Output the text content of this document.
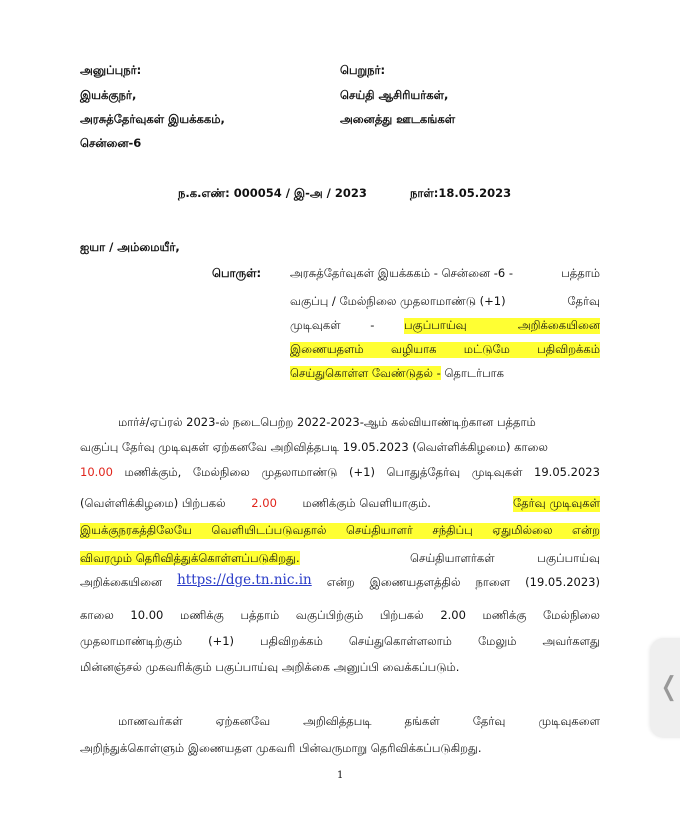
அனுப்புநர்:
இயக்குநர்,
அரசுத்தேர்வுகள் இயக்ககம்,
சென்னை-6
பெறுநர்:
செய்தி ஆசிரியர்கள்,
அனைத்து ஊடகங்கள்
ந.க.எண்: 000054 / இ-அ / 2023	நாள்:18.05.2023
ஐயா / அம்மையீர்,
பொருள்:	அரசுத்தேர்வுகள் இயக்ககம் - சென்னை -6 -	பத்தாம்
வகுப்பு / மேல்நிலை முதலாமாண்டு (+1)	தேர்வு
முடிவுகள்	-	பகுப்பாய்வு அறிக்கையினை
இணையதளம் வழியாக மட்டுமே பதிவிறக்கம்
செய்துகொள்ள வேண்டுதல் - தொடர்பாக
மார்ச்/ஏப்ரல் 2023-ல் நடைபெற்ற 2022-2023-ஆம் கல்வியாண்டிற்கான பத்தாம்
வகுப்பு தேர்வு முடிவுகள் ஏற்கனவே அறிவித்தபடி 19.05.2023 (வெள்ளிக்கிழமை) காலை
10.00 மணிக்கும், மேல்நிலை முதலாமாண்டு (+1) பொதுத்தேர்வு முடிவுகள் 19.05.2023
(வெள்ளிக்கிழமை) பிற்பகல் 2.00 மணிக்கும் வெளியாகும்.	தேர்வு முடிவுகள்
இயக்குநரகத்திலேயே வெளியிடப்படுவதால் செய்தியாளர் சந்திப்பு ஏதுமில்லை என்ற
விவரமும் தெரிவித்துக்கொள்ளப்படுகிறது.	செய்தியாளர்கள்	பகுப்பாய்வு
அறிக்கையினை https://dge.tn.nic.in என்ற இணையதளத்தில் நாளை (19.05.2023)
காலை 10.00 மணிக்கு பத்தாம் வகுப்பிற்கும் பிற்பகல் 2.00 மணிக்கு மேல்நிலை
முதலாமாண்டிற்கும் (+1) பதிவிறக்கம் செய்துகொள்ளலாம் மேலும் அவர்களது
மின்னஞ்சல் முகவரிக்கும் பகுப்பாய்வு அறிக்கை அனுப்பி வைக்கப்படும்.
மாணவர்கள்	ஏற்கனவே	அறிவித்தபடி	தங்கள்	தேர்வு	முடிவுகளை
அறிந்துக்கொள்ளும் இணையதள முகவரி பின்வருமாறு தெரிவிக்கப்படுகிறது.
1
❬
